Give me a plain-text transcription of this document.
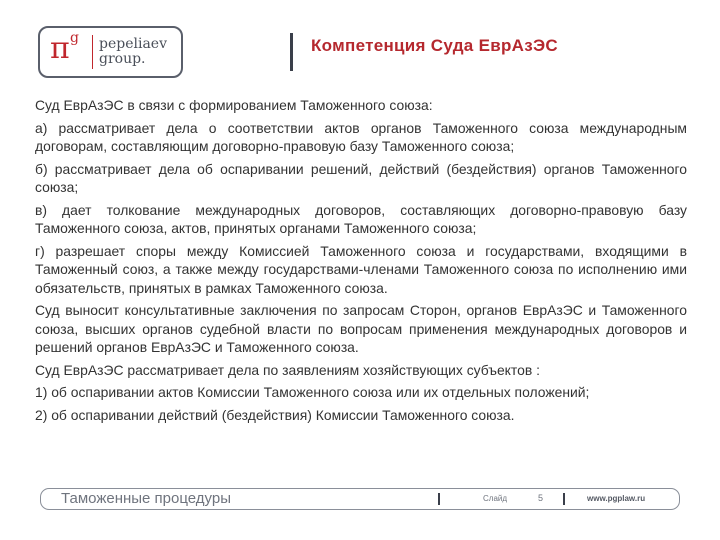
π g pepeliaev
group.
Компетенция Суда ЕврАзЭС

Суд ЕврАзЭС в связи с формированием Таможенного союза:

а) рассматривает дела о соответствии актов органов Таможенного союза международным договорам, составляющим договорно-правовую базу Таможенного союза;

б) рассматривает дела об оспаривании решений, действий (бездействия) органов Таможенного союза;

в) дает толкование международных договоров, составляющих договорно-правовую базу Таможенного союза, актов, принятых органами Таможенного союза;

г) разрешает споры между Комиссией Таможенного союза и государствами, входящими в Таможенный союз, а также между государствами-членами Таможенного союза по исполнению ими обязательств, принятых в рамках Таможенного союза.

Суд выносит консультативные заключения по запросам Сторон, органов ЕврАзЭС и Таможенного союза, высших органов судебной власти по вопросам применения международных договоров и решений органов ЕврАзЭС и Таможенного союза.

Суд ЕврАзЭС рассматривает дела по заявлениям хозяйствующих субъектов :

1) об оспаривании актов Комиссии Таможенного союза или их отдельных положений;

2) об оспаривании действий (бездействия) Комиссии Таможенного союза.

Таможенные процедуры	Слайд	5	www.pgplaw.ru
